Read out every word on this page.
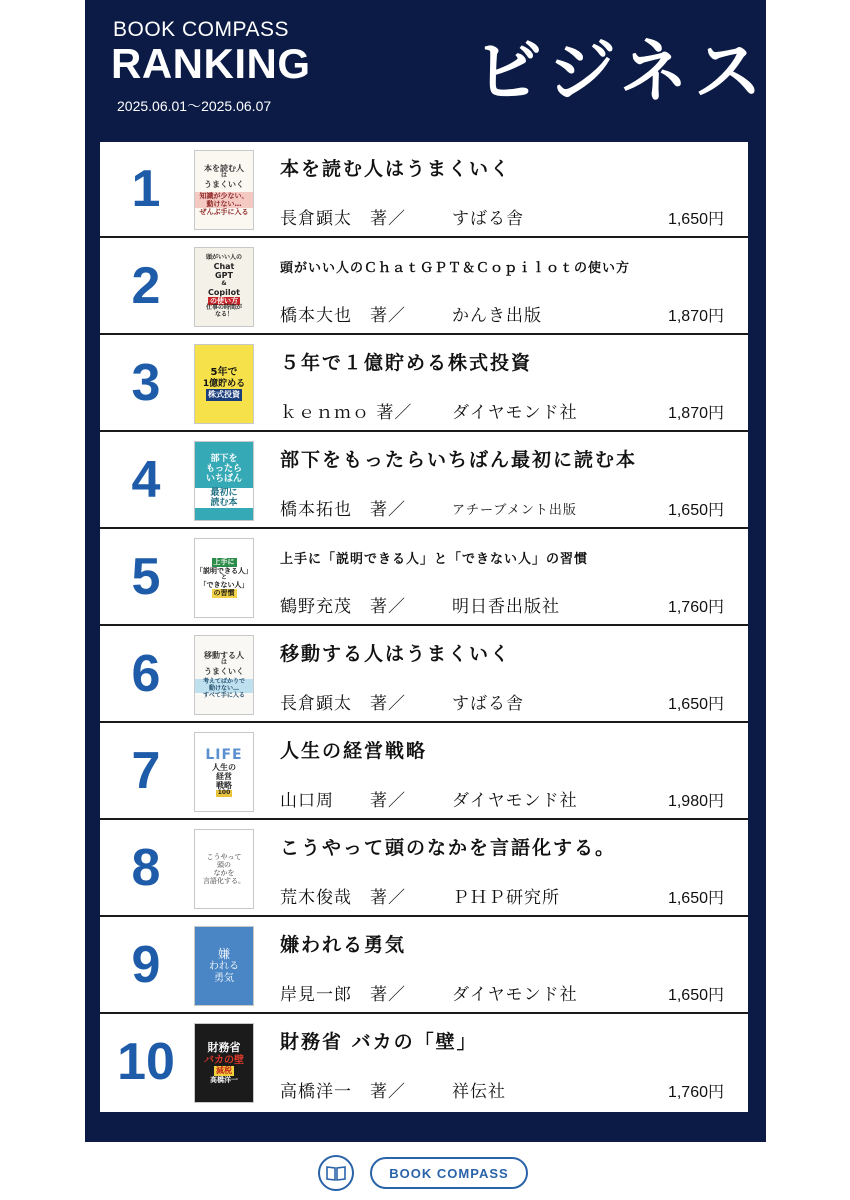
BOOK COMPASS
RANKING
2025.06.01～2025.06.07	ビジネス
1	本を読む人
は
うまくいく
知識が少ない、
動けない…
ぜんぶ手に入る
本を読む人はうまくいく
長倉顕太　著／	すばる舎	1,650円
2	頭がいい人の
Chat
GPT
&
Copilot
の使い方
仕事の時間が
なる！
頭がいい人のＣｈａｔＧＰＴ＆Ｃｏｐｉｌｏｔの使い方
橋本大也　著／	かんき出版	1,870円
3	5年で
1億貯める
株式投資
５年で１億貯める株式投資
ｋｅｎｍｏ 著／ ダイヤモンド社	1,870円
4	部下を
もったら
いちばん
最初に
読む本
部下をもったらいちばん最初に読む本
橋本拓也　著／	アチーブメント出版	1,650円
5	上手に
「説明できる人」
と
「できない人」
の習慣
上手に「説明できる人」と「できない人」の習慣
鶴野充茂　著／	明日香出版社	1,760円
6	移動する人
は
うまくいく
考えてばかりで
動けない…
すべて手に入る
移動する人はうまくいく
長倉顕太　著／	すばる舎	1,650円
7	LIFE
人生の
経営
戦略
100
人生の経営戦略
山口周　　著／	ダイヤモンド社	1,980円
8	こうやって
頭の
なかを
言語化する。
こうやって頭のなかを言語化する。
荒木俊哉　著／	ＰＨＰ研究所	1,650円
9	嫌
われる
勇気
嫌われる勇気
岸見一郎　著／	ダイヤモンド社	1,650円
10	財務省
バカの壁
減税
高橋洋一
財務省 バカの「壁」
高橋洋一　著／	祥伝社	1,760円
BOOK COMPASS
